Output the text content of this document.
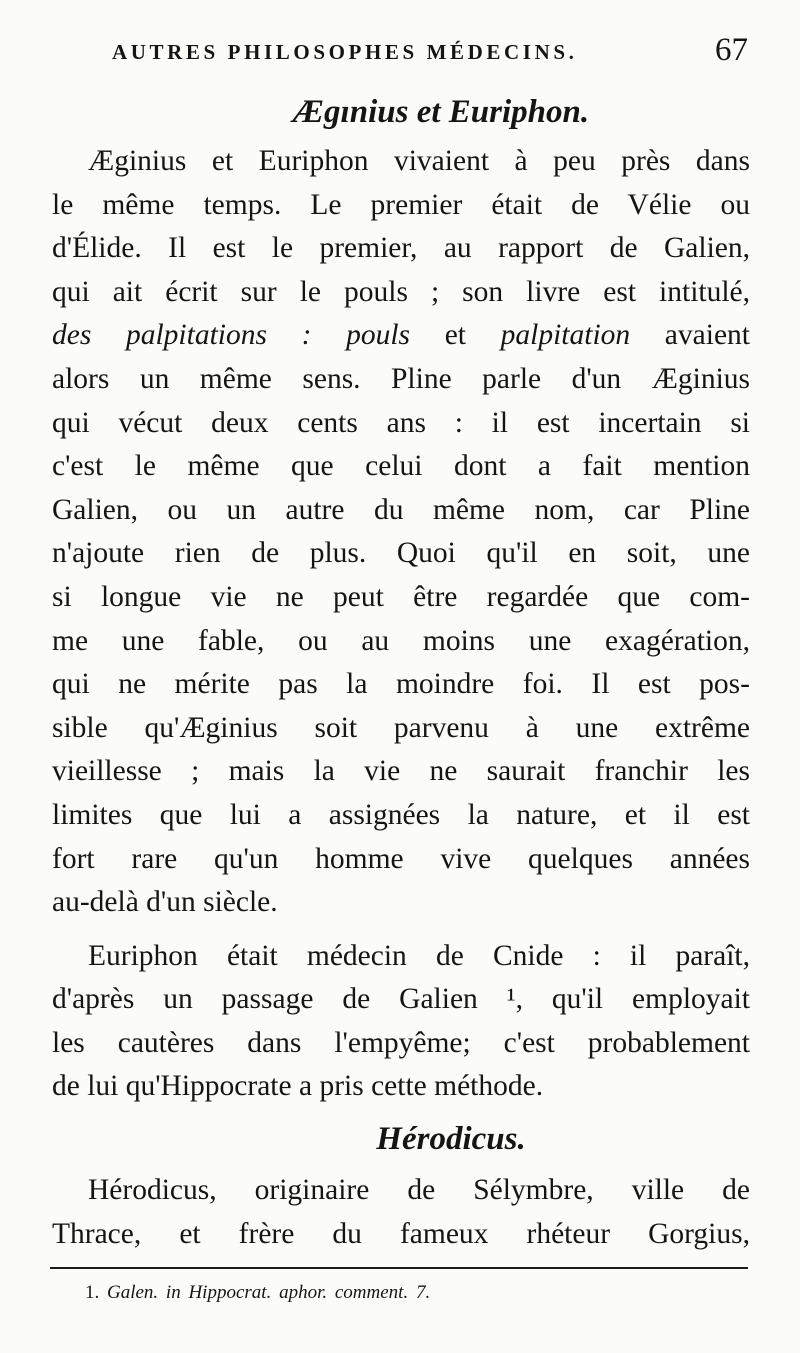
AUTRES PHILOSOPHES MÉDECINS.	67
Ægınius et Euriphon.

Æginius et Euriphon vivaient à peu près dans
le même temps. Le premier était de Vélie ou
d'Élide. Il est le premier, au rapport de Galien,
qui ait écrit sur le pouls ; son livre est intitulé,
des palpitations : pouls et palpitation avaient
alors un même sens. Pline parle d'un Æginius
qui vécut deux cents ans : il est incertain si
c'est le même que celui dont a fait mention
Galien, ou un autre du même nom, car Pline
n'ajoute rien de plus. Quoi qu'il en soit, une
si longue vie ne peut être regardée que com-
me une fable, ou au moins une exagération,
qui ne mérite pas la moindre foi. Il est pos-
sible qu'Æginius soit parvenu à une extrême
vieillesse ; mais la vie ne saurait franchir les
limites que lui a assignées la nature, et il est
fort rare qu'un homme vive quelques années
au-delà d'un siècle.

Euriphon était médecin de Cnide : il paraît,
d'après un passage de Galien ¹, qu'il employait
les cautères dans l'empyême; c'est probablement
de lui qu'Hippocrate a pris cette méthode.

Hérodicus.

Hérodicus, originaire de Sélymbre, ville de
Thrace, et frère du fameux rhéteur Gorgius,

1. Galen. in Hippocrat. aphor. comment. 7.
